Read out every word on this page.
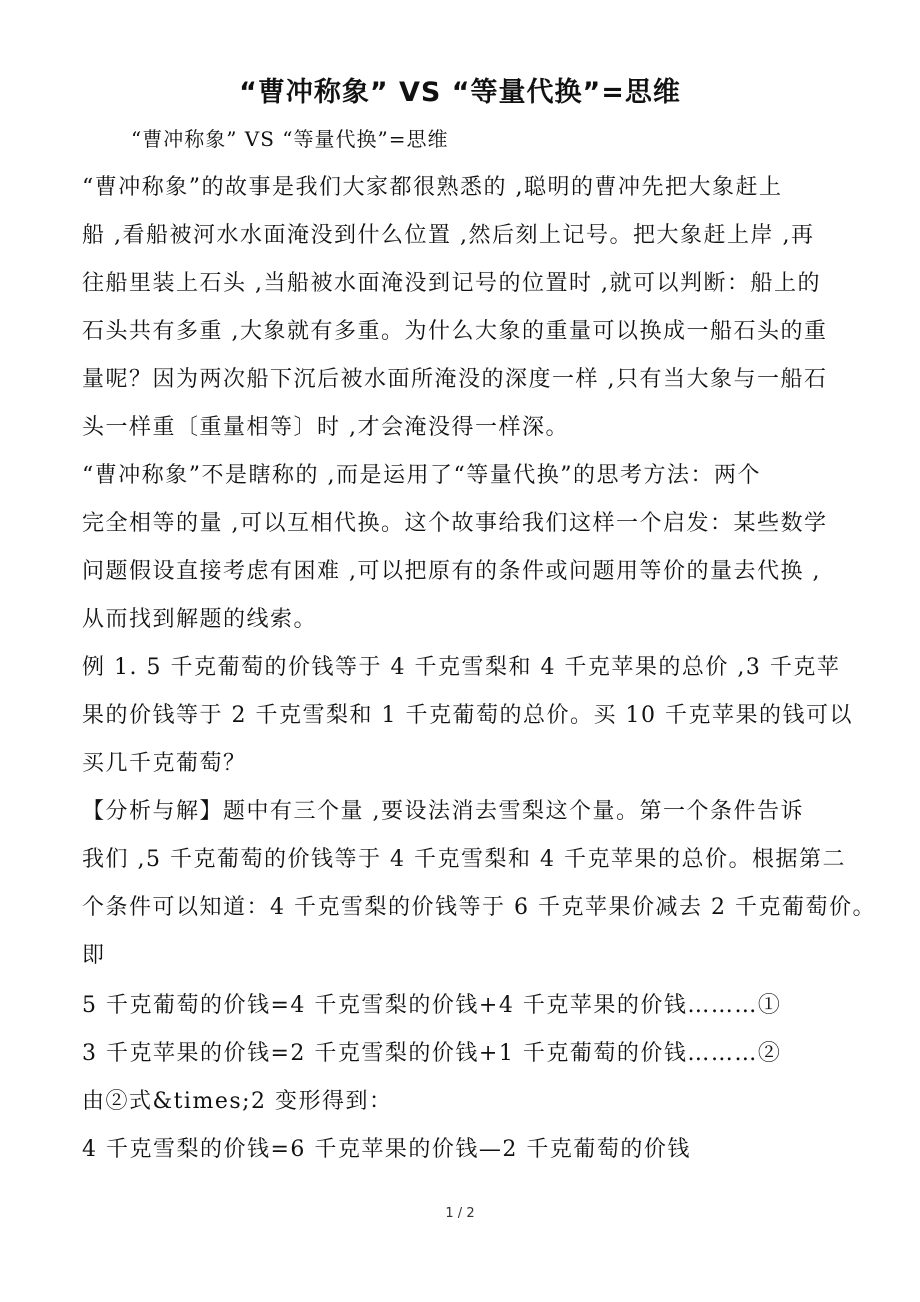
“曹冲称象” VS “等量代换”=思维
“曹冲称象” VS “等量代换”=思维
“曹冲称象”的故事是我们大家都很熟悉的 ,聪明的曹冲先把大象赶上
船 ,看船被河水水面淹没到什么位置 ,然后刻上记号。把大象赶上岸 ,再
往船里装上石头 ,当船被水面淹没到记号的位置时 ,就可以判断：船上的
石头共有多重 ,大象就有多重。为什么大象的重量可以换成一船石头的重
量呢？因为两次船下沉后被水面所淹没的深度一样 ,只有当大象与一船石
头一样重〔重量相等〕时 ,才会淹没得一样深。
“曹冲称象”不是瞎称的 ,而是运用了“等量代换”的思考方法：两个
完全相等的量 ,可以互相代换。这个故事给我们这样一个启发：某些数学
问题假设直接考虑有困难 ,可以把原有的条件或问题用等价的量去代换 ,
从而找到解题的线索。
例 1. 5 千克葡萄的价钱等于 4 千克雪梨和 4 千克苹果的总价 ,3 千克苹
果的价钱等于 2 千克雪梨和 1 千克葡萄的总价。买 10 千克苹果的钱可以
买几千克葡萄？
【分析与解】题中有三个量 ,要设法消去雪梨这个量。第一个条件告诉
我们 ,5 千克葡萄的价钱等于 4 千克雪梨和 4 千克苹果的总价。根据第二
个条件可以知道：4 千克雪梨的价钱等于 6 千克苹果价减去 2 千克葡萄价。
即
5 千克葡萄的价钱=4 千克雪梨的价钱+4 千克苹果的价钱………①
3 千克苹果的价钱=2 千克雪梨的价钱+1 千克葡萄的价钱………②
由②式&times;2 变形得到：
4 千克雪梨的价钱=6 千克苹果的价钱—2 千克葡萄的价钱
1 / 2
